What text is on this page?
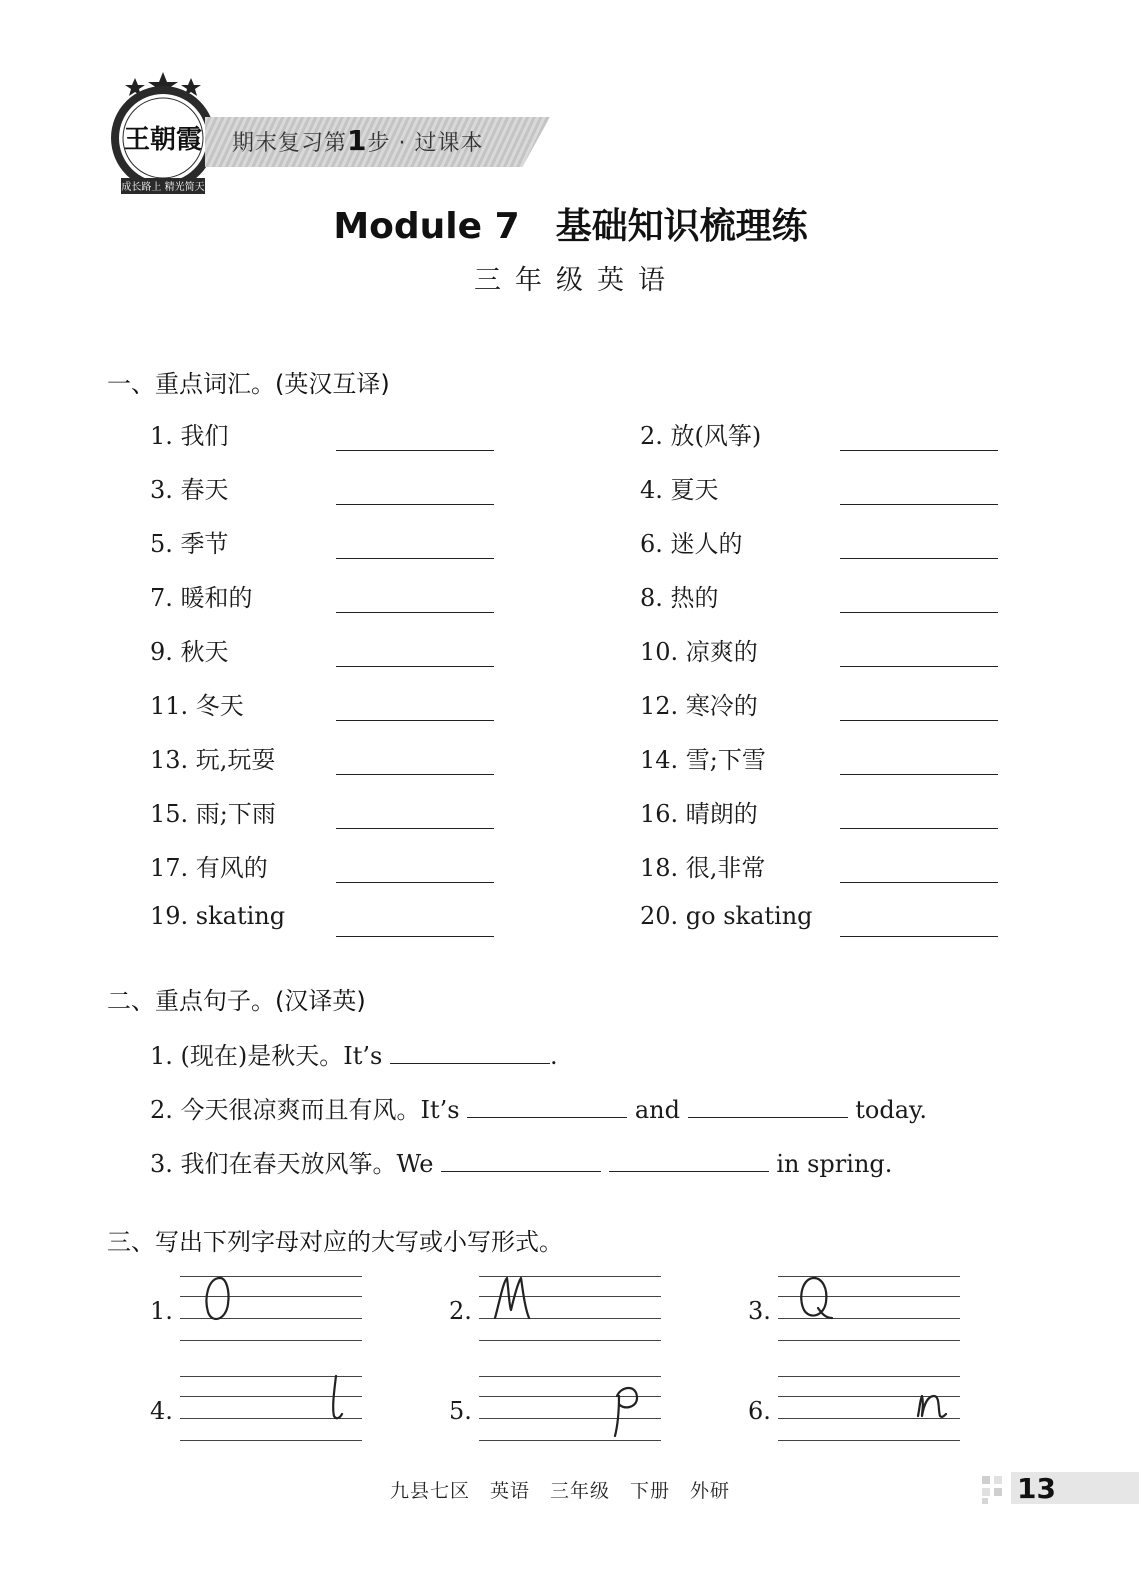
王朝霞
成长路上 精光简天
期末复习第1步 · 过课本
Module 7　基础知识梳理练
三年级英语
一、重点词汇。(英汉互译)
1. 我们	2. 放(风筝)
3. 春天	4. 夏天
5. 季节	6. 迷人的
7. 暖和的	8. 热的
9. 秋天	10. 凉爽的
11. 冬天	12. 寒冷的
13. 玩,玩耍	14. 雪;下雪
15. 雨;下雨	16. 晴朗的
17. 有风的	18. 很,非常
19. skating	20. go skating
二、重点句子。(汉译英)
1. (现在)是秋天。It’s	.
2. 今天很凉爽而且有风。It’s	and	today.
3. 我们在春天放风筝。We	in spring.
三、写出下列字母对应的大写或小写形式。
1.	2.	3.
4.	5.	6.
九县七区　英语　三年级　下册　外研	13
